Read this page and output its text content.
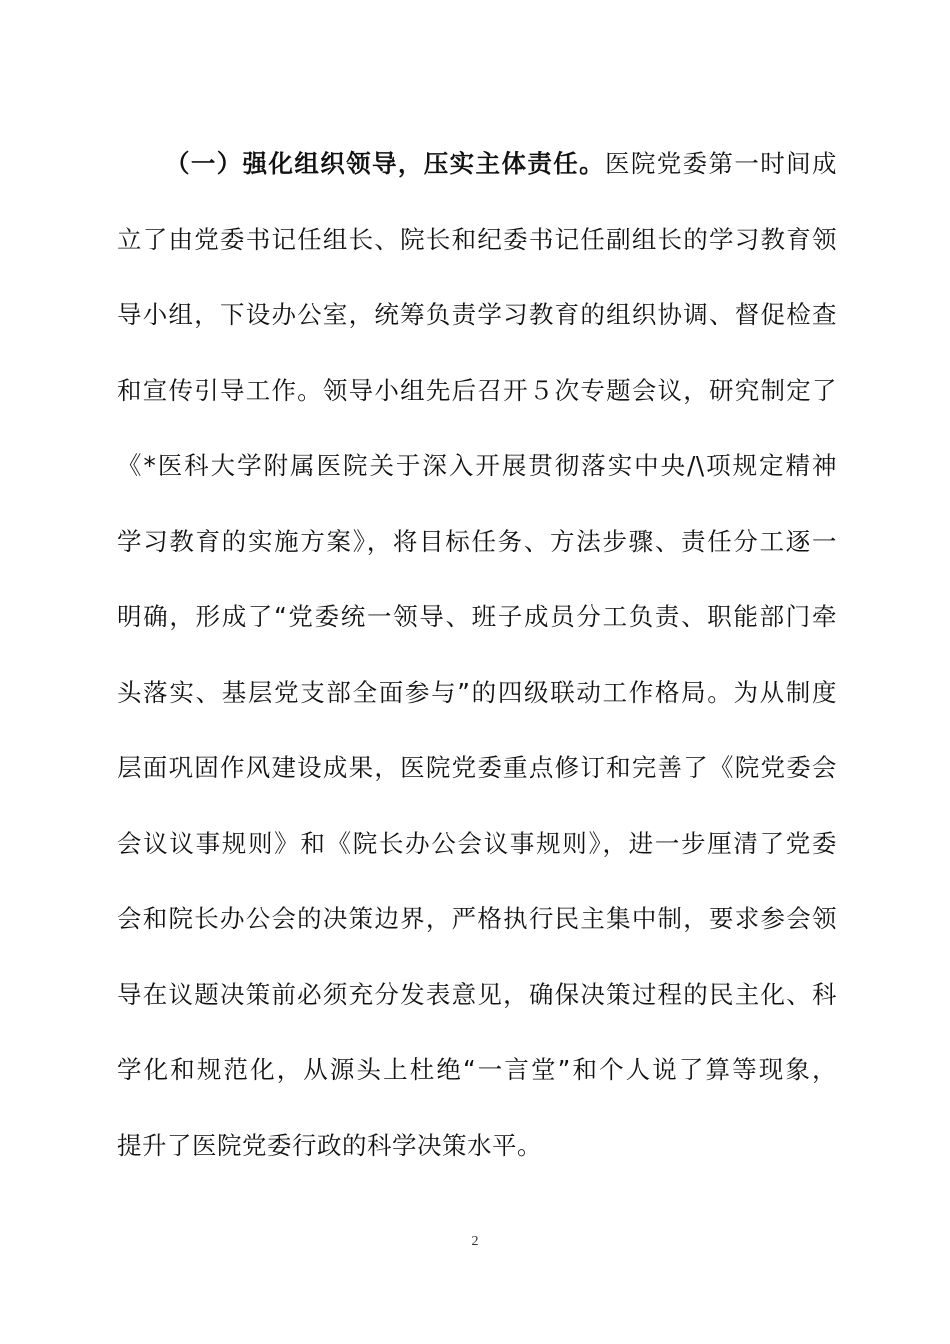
（一）强化组织领导，压实主体责任。医院党委第一时间成
立了由党委书记任组长、院长和纪委书记任副组长的学习教育领
导小组，下设办公室，统筹负责学习教育的组织协调、督促检查
和宣传引导工作。领导小组先后召开５次专题会议，研究制定了
《*医科大学附属医院关于深入开展贯彻落实中央/\项规定精神
学习教育的实施方案》，将目标任务、方法步骤、责任分工逐一
明确，形成了“党委统一领导、班子成员分工负责、职能部门牵
头落实、基层党支部全面参与”的四级联动工作格局。为从制度
层面巩固作风建设成果，医院党委重点修订和完善了《院党委会
会议议事规则》和《院长办公会议事规则》，进一步厘清了党委
会和院长办公会的决策边界，严格执行民主集中制，要求参会领
导在议题决策前必须充分发表意见，确保决策过程的民主化、科
学化和规范化，从源头上杜绝“一言堂”和个人说了算等现象，
提升了医院党委行政的科学决策水平。
2
